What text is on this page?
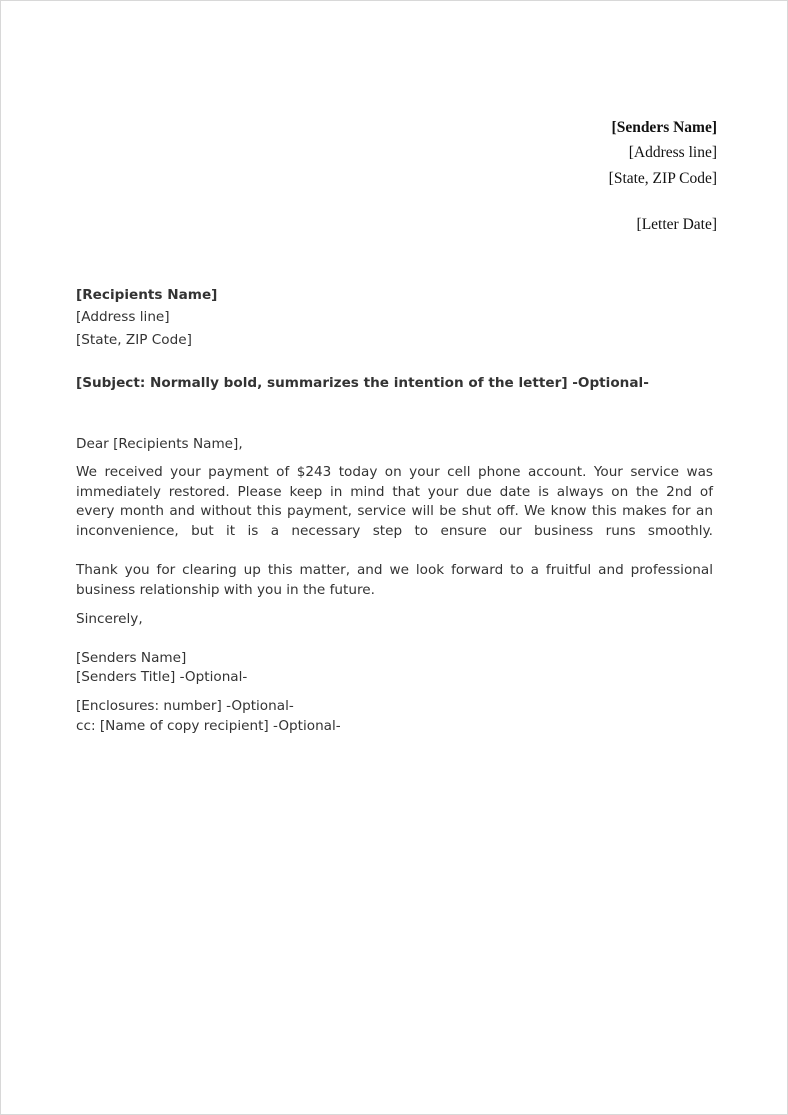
[Senders Name]
[Address line]
[State, ZIP Code]
[Letter Date]
[Recipients Name]
[Address line]
[State, ZIP Code]
[Subject: Normally bold, summarizes the intention of the letter] -Optional-
Dear [Recipients Name],
We received your payment of $243 today on your cell phone account. Your service was
immediately restored. Please keep in mind that your due date is always on the 2nd of
every month and without this payment, service will be shut off. We know this makes for an
inconvenience, but it is a necessary step to ensure our business runs smoothly.
Thank you for clearing up this matter, and we look forward to a fruitful and professional
business relationship with you in the future.
Sincerely,
[Senders Name]
[Senders Title] -Optional-
[Enclosures: number] -Optional-
cc: [Name of copy recipient] -Optional-
